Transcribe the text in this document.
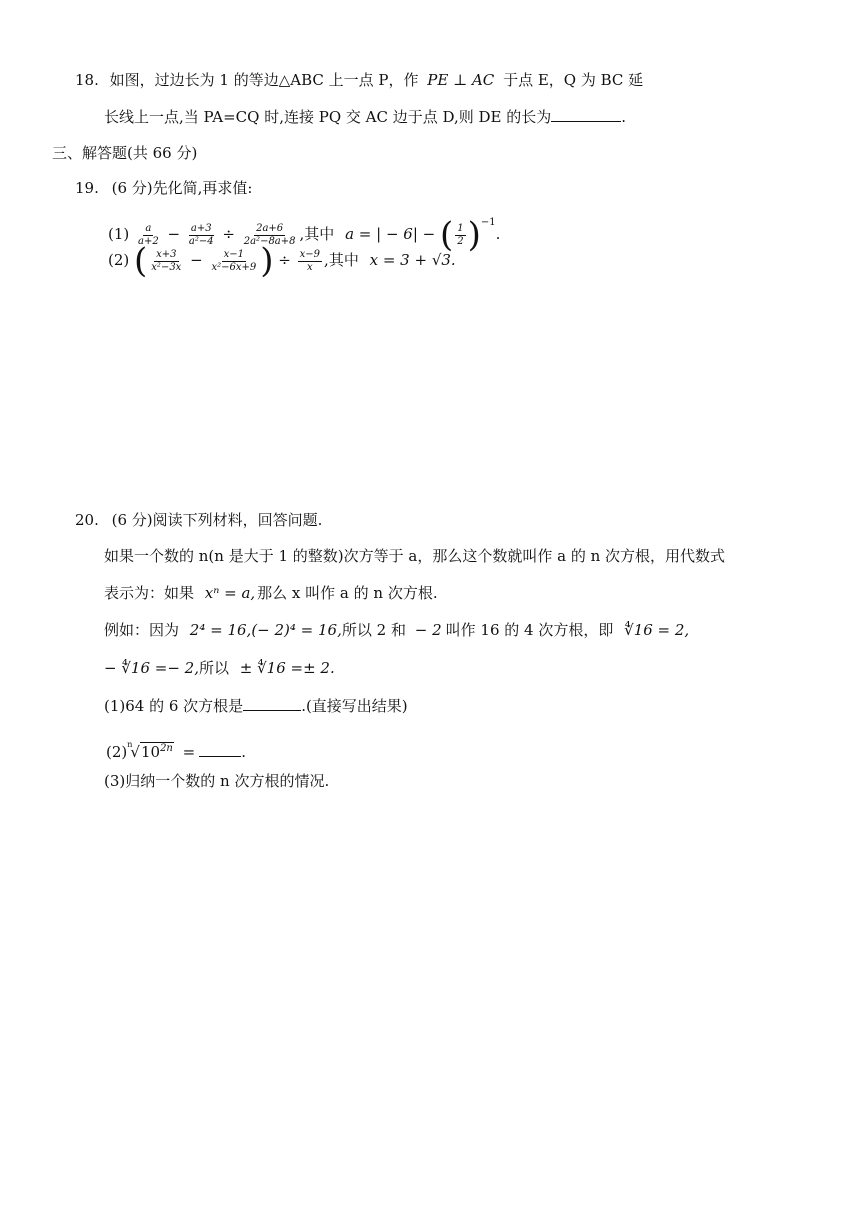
18. 如图，过边长为 1 的等边△ABC 上一点 P，作 PE ⊥ AC 于点 E，Q 为 BC 延
长线上一点,当 PA=CQ 时,连接 PQ 交 AC 边于点 D,则 DE 的长为	.
三、解答题(共 66 分)
19. (6 分)先化简,再求值:
$(1) \frac{a}{a+2} - \frac{a+3}{\text{a²−4}} \div \frac{2a+6}{\text{2a²−8a+8}}$ ,其中 a = | − 6| − ( $\frac{1}{2} )^{-1}$.
(2) ( $\frac{x+3}{\text{x²−3x}} - \frac{x-1}{\text{x²−6x+9}}$ ) ÷ $\frac{x-9}{x}$ ,其中 x = 3 + √3.
20. (6 分)阅读下列材料，回答问题.
如果一个数的 n(n 是大于 1 的整数)次方等于 a，那么这个数就叫作 a 的 n 次方根，用代数式
表示为：如果 xⁿ = a, 那么 x 叫作 a 的 n 次方根.
例如：因为 2⁴ = 16,(− 2)⁴ = 16,所以 2 和 − 2 叫作 16 的 4 次方根，即 ∜16 = 2,
− ∜16 =− 2,所以 ± ∜16 =± 2.
(1)64 的 6 次方根是	.(直接写出结果)
$(2)^n√10^{2n}$ =	.
(3)归纳一个数的 n 次方根的情况.
